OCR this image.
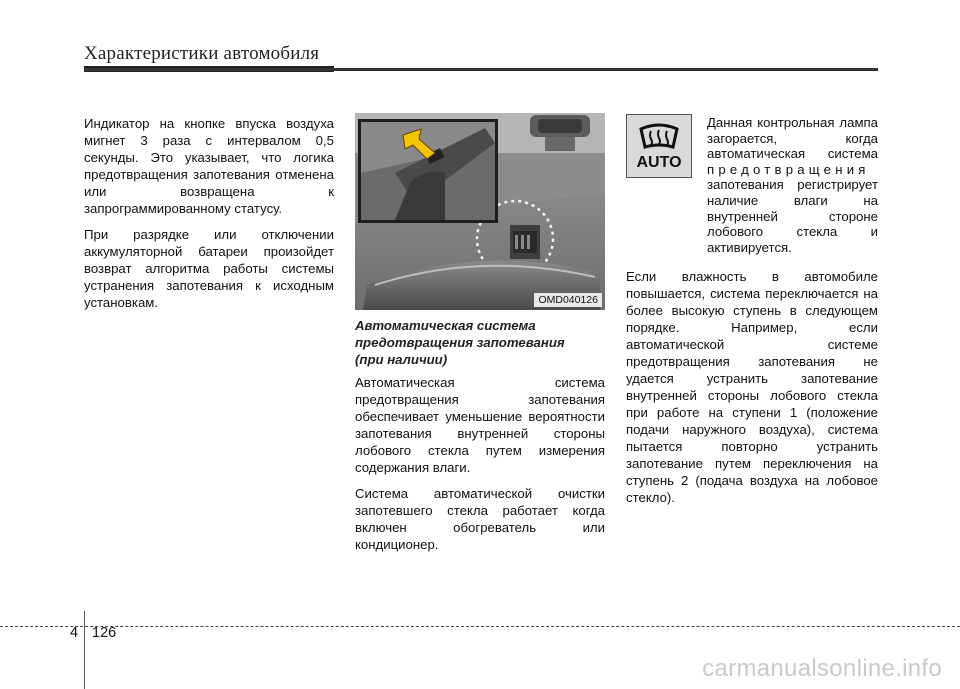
Характеристики автомобиля

Индикатор на кнопке впуска воздуха мигнет 3 раза с интервалом 0,5 секунды. Это указывает, что логика предотвращения запотевания отменена или возвращена к запрограммированному статусу.

При разрядке или отключении аккумуляторной батареи произойдет возврат алгоритма работы системы устранения запотевания к исходным установкам.	OMD040126
Автоматическая система
предотвращения запотевания
(при наличии)

Автоматическая система предотвращения запотевания обеспечивает уменьшение вероятности запотевания внутренней стороны лобового стекла путем измерения содержания влаги.

Система автоматической очистки запотевшего стекла работает когда включен обогреватель или кондиционер.

AUTO
Данная контрольная лампа загорается, когда автоматическая система предотвращения запотевания регистрирует наличие влаги на внутренней стороне лобового стекла и активируется.

Если влажность в автомобиле повышается, система переключается на более высокую ступень в следующем порядке. Например, если автоматической системе предотвращения запотевания не удается устранить запотевание внутренней стороны лобового стекла при работе на ступени 1 (положение подачи наружного воздуха), система пытается повторно устранить запотевание путем переключения на ступень 2 (подача воздуха на лобовое стекло).

4 126
carmanualsonline.info
